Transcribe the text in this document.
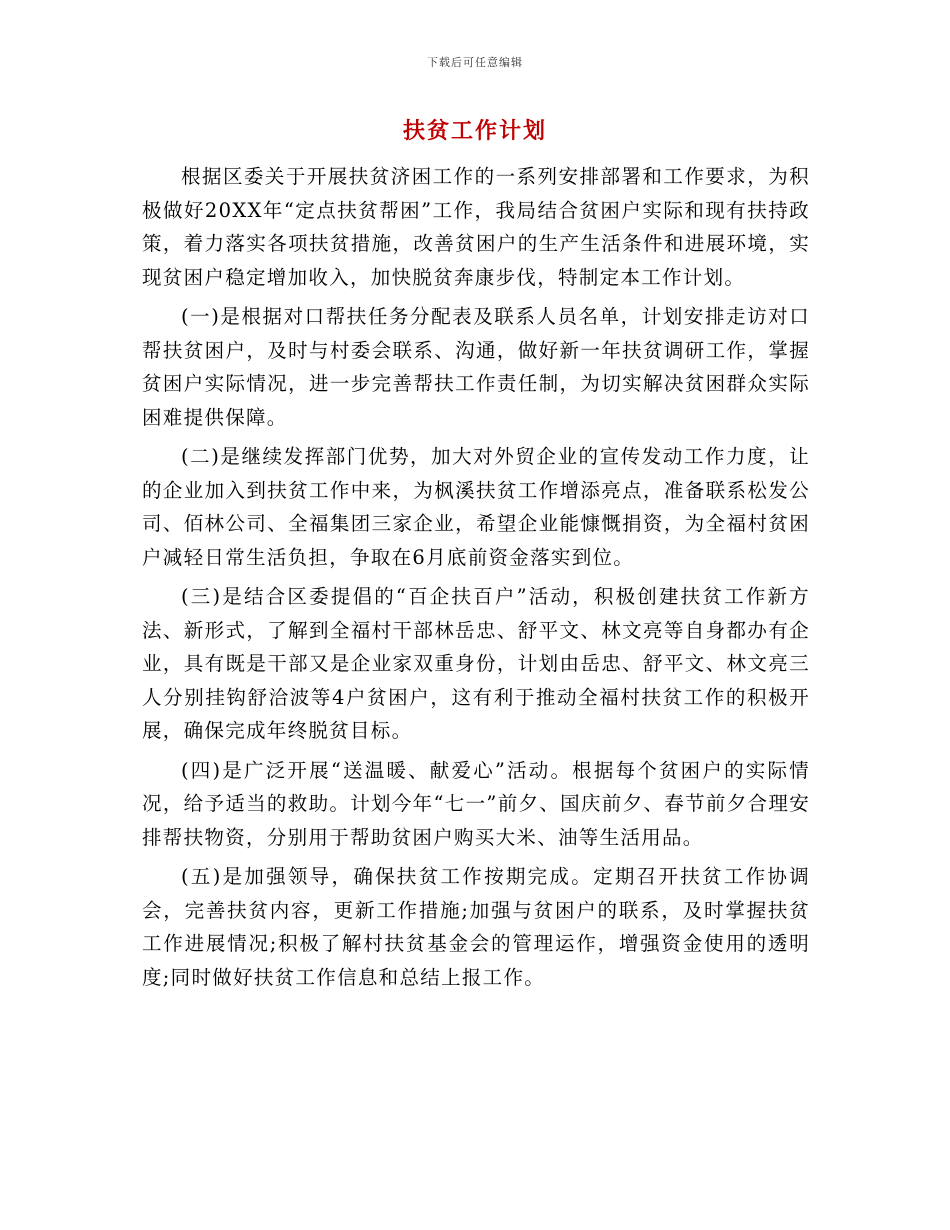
下载后可任意编辑
扶贫工作计划

根据区委关于开展扶贫济困工作的一系列安排部署和工作要求，为积极做好20XX年“定点扶贫帮困”工作，我局结合贫困户实际和现有扶持政策，着力落实各项扶贫措施，改善贫困户的生产生活条件和进展环境，实现贫困户稳定增加收入，加快脱贫奔康步伐，特制定本工作计划。

(一)是根据对口帮扶任务分配表及联系人员名单，计划安排走访对口帮扶贫困户，及时与村委会联系、沟通，做好新一年扶贫调研工作，掌握贫困户实际情况，进一步完善帮扶工作责任制，为切实解决贫困群众实际困难提供保障。

(二)是继续发挥部门优势，加大对外贸企业的宣传发动工作力度，让的企业加入到扶贫工作中来，为枫溪扶贫工作增添亮点，准备联系松发公司、佰林公司、全福集团三家企业，希望企业能慷慨捐资，为全福村贫困户减轻日常生活负担，争取在6月底前资金落实到位。

(三)是结合区委提倡的“百企扶百户”活动，积极创建扶贫工作新方法、新形式，了解到全福村干部林岳忠、舒平文、林文亮等自身都办有企业，具有既是干部又是企业家双重身份，计划由岳忠、舒平文、林文亮三人分别挂钩舒洽波等4户贫困户，这有利于推动全福村扶贫工作的积极开展，确保完成年终脱贫目标。

(四)是广泛开展“送温暖、献爱心”活动。根据每个贫困户的实际情况，给予适当的救助。计划今年“七一”前夕、国庆前夕、春节前夕合理安排帮扶物资，分别用于帮助贫困户购买大米、油等生活用品。

(五)是加强领导，确保扶贫工作按期完成。定期召开扶贫工作协调会，完善扶贫内容，更新工作措施;加强与贫困户的联系，及时掌握扶贫工作进展情况;积极了解村扶贫基金会的管理运作，增强资金使用的透明度;同时做好扶贫工作信息和总结上报工作。
